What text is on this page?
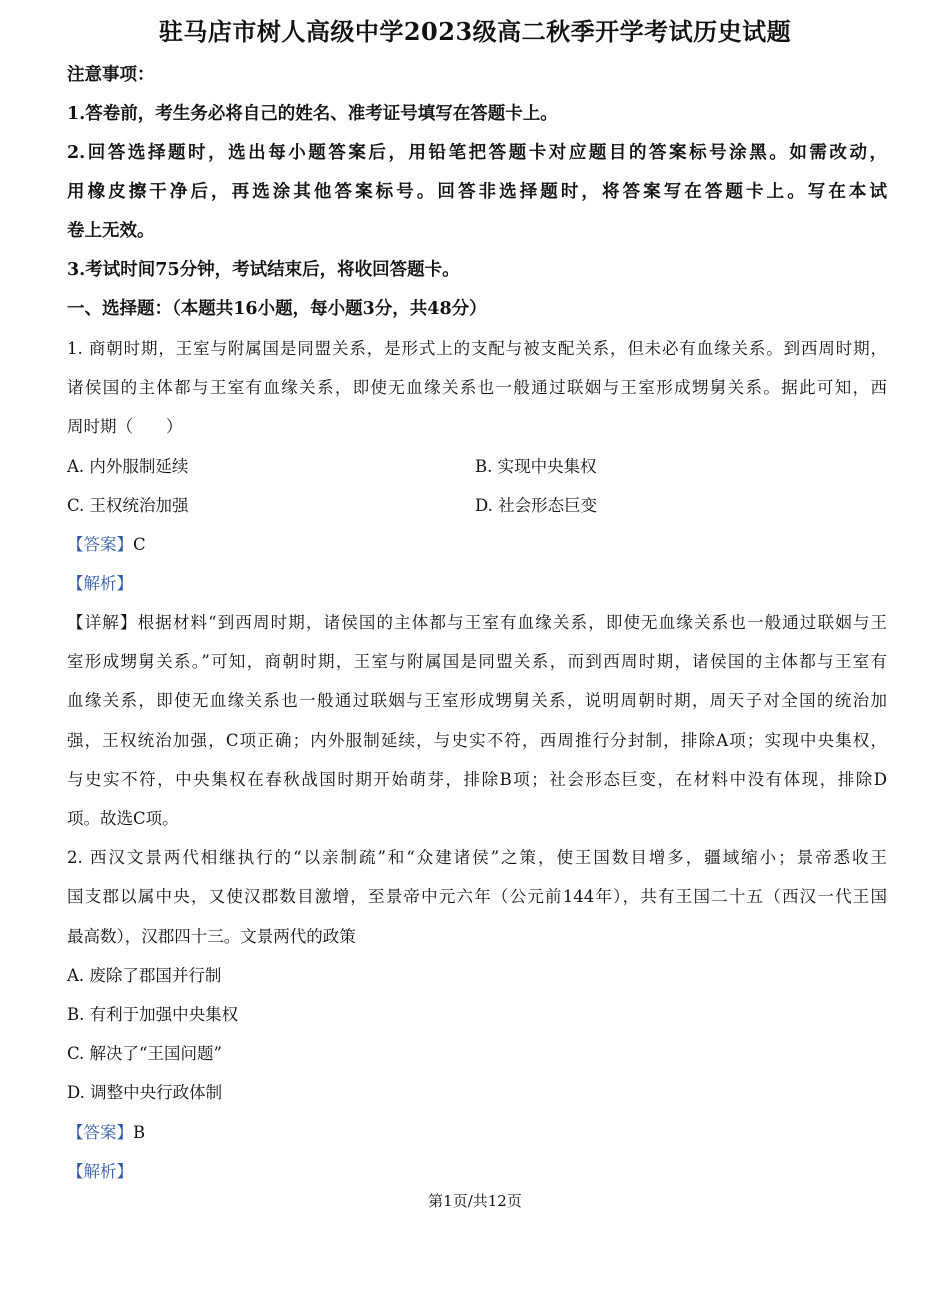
驻马店市树人高级中学2023级高二秋季开学考试历史试题
注意事项：
1.答卷前，考生务必将自己的姓名、准考证号填写在答题卡上。
2.回答选择题时，选出每小题答案后，用铅笔把答题卡对应题目的答案标号涂黑。如需改动，
用橡皮擦干净后，再选涂其他答案标号。回答非选择题时，将答案写在答题卡上。写在本试
卷上无效。
3.考试时间75分钟，考试结束后，将收回答题卡。
一、选择题：（本题共16小题，每小题3分，共48分）
1. 商朝时期，王室与附属国是同盟关系，是形式上的支配与被支配关系，但未必有血缘关系。到西周时期，
诸侯国的主体都与王室有血缘关系，即使无血缘关系也一般通过联姻与王室形成甥舅关系。据此可知，西
周时期（　　）
A. 内外服制延续	B. 实现中央集权
C. 王权统治加强	D. 社会形态巨变
【答案】C
【解析】
【详解】根据材料“到西周时期，诸侯国的主体都与王室有血缘关系，即使无血缘关系也一般通过联姻与王
室形成甥舅关系。”可知，商朝时期，王室与附属国是同盟关系，而到西周时期，诸侯国的主体都与王室有
血缘关系，即使无血缘关系也一般通过联姻与王室形成甥舅关系，说明周朝时期，周天子对全国的统治加
强，王权统治加强，C项正确；内外服制延续，与史实不符，西周推行分封制，排除A项；实现中央集权，
与史实不符，中央集权在春秋战国时期开始萌芽，排除B项；社会形态巨变，在材料中没有体现，排除D
项。故选C项。
2. 西汉文景两代相继执行的“以亲制疏”和“众建诸侯”之策，使王国数目增多，疆域缩小；景帝悉收王
国支郡以属中央，又使汉郡数目激增，至景帝中元六年（公元前144年），共有王国二十五（西汉一代王国
最高数），汉郡四十三。文景两代的政策
A. 废除了郡国并行制
B. 有利于加强中央集权
C. 解决了“王国问题”
D. 调整中央行政体制
【答案】B
【解析】
第1页/共12页
